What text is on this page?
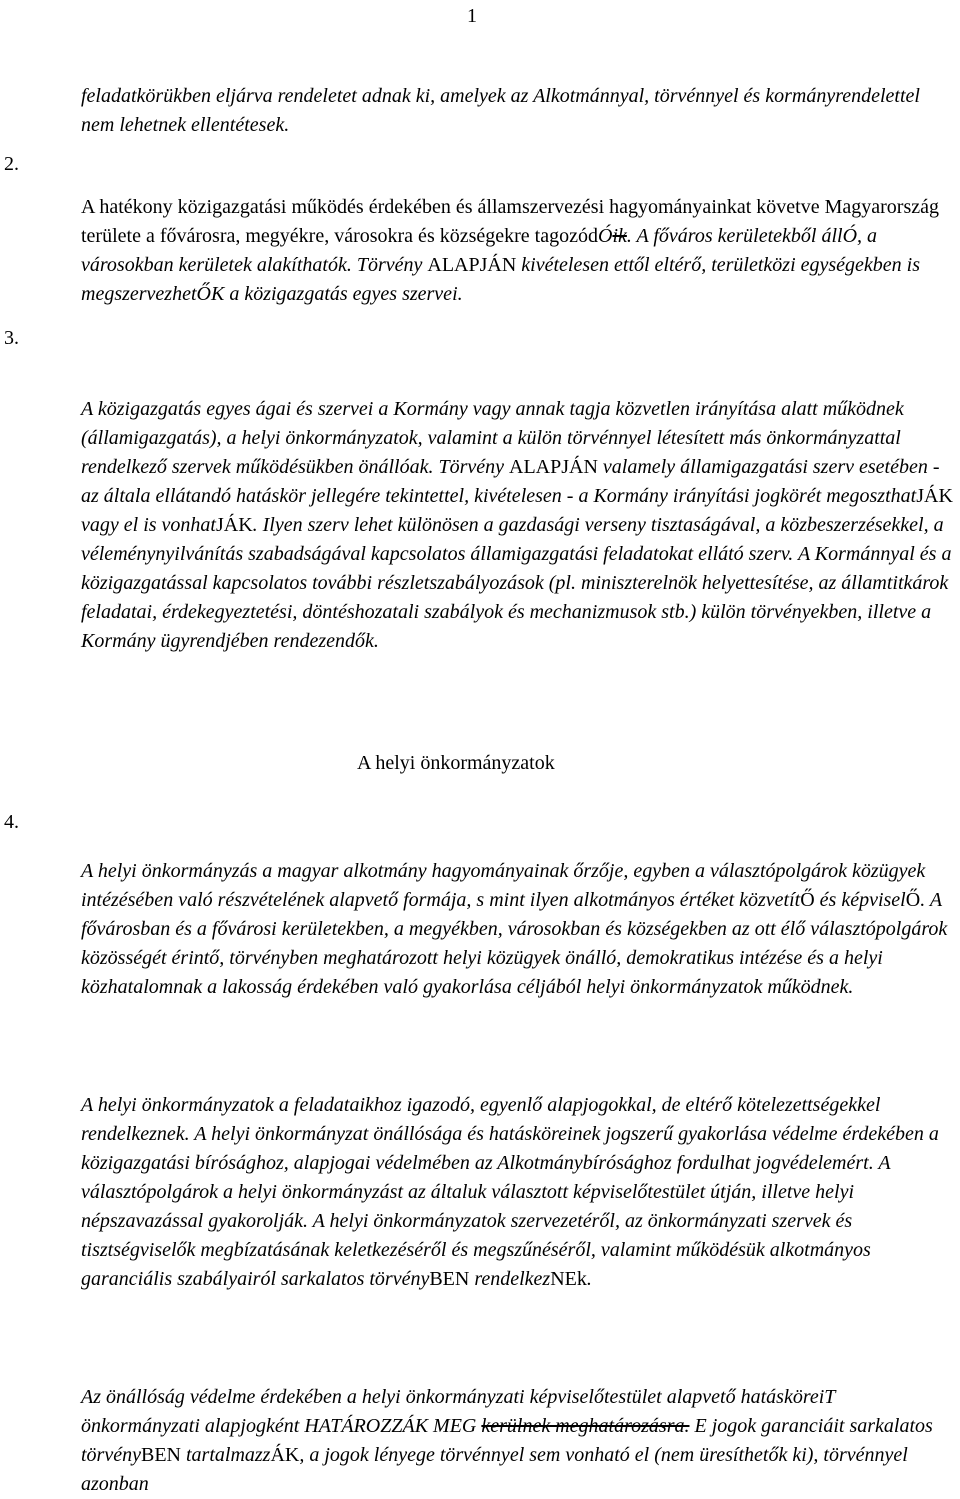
1
2.
3.
4.

feladatkörükben eljárva rendeletet adnak ki, amelyek az Alkotmánnyal, törvénnyel és kormányrendelettel nem lehetnek ellentétesek.

A hatékony közigazgatási működés érdekében és államszervezési hagyományainkat követve Magyarország területe a fővárosra, megyékre, városokra és községekre tagozódÓik. A főváros kerületekből állÓ, a városokban kerületek alakíthatók. Törvény ALAPJÁN kivételesen ettől eltérő, területközi egységekben is megszervezhetŐK a közigazgatás egyes szervei.

A közigazgatás egyes ágai és szervei a Kormány vagy annak tagja közvetlen irányítása alatt működnek (államigazgatás), a helyi önkormányzatok, valamint a külön törvénnyel létesített más önkormányzattal rendelkező szervek működésükben önállóak. Törvény ALAPJÁN valamely államigazgatási szerv esetében - az általa ellátandó hatáskör jellegére tekintettel, kivételesen - a Kormány irányítási jogkörét megoszthatJÁK vagy el is vonhatJÁK. Ilyen szerv lehet különösen a gazdasági verseny tisztaságával, a közbeszerzésekkel, a véleménynyilvánítás szabadságával kapcsolatos államigazgatási feladatokat ellátó szerv. A Kormánnyal és a közigazgatással kapcsolatos további részletszabályozások (pl. miniszterelnök helyettesítése, az államtitkárok feladatai, érdekegyeztetési, döntéshozatali szabályok és mechanizmusok stb.) külön törvényekben, illetve a Kormány ügyrendjében rendezendők.

A helyi önkormányzatok

A helyi önkormányzás a magyar alkotmány hagyományainak őrzője, egyben a választópolgárok közügyek intézésében való részvételének alapvető formája, s mint ilyen alkotmányos értéket közvetítŐ és képviselŐ. A fővárosban és a fővárosi kerületekben, a megyékben, városokban és községekben az ott élő választópolgárok közösségét érintő, törvényben meghatározott helyi közügyek önálló, demokratikus intézése és a helyi közhatalomnak a lakosság érdekében való gyakorlása céljából helyi önkormányzatok működnek.

A helyi önkormányzatok a feladataikhoz igazodó, egyenlő alapjogokkal, de eltérő kötelezettségekkel rendelkeznek. A helyi önkormányzat önállósága és hatásköreinek jogszerű gyakorlása védelme érdekében a közigazgatási bírósághoz, alapjogai védelmében az Alkotmánybírósághoz fordulhat jogvédelemért. A választópolgárok a helyi önkormányzást az általuk választott képviselőtestület útján, illetve helyi népszavazással gyakorolják. A helyi önkormányzatok szervezetéről, az önkormányzati szervek és tisztségviselők megbízatásának keletkezéséről és megszűnéséről, valamint működésük alkotmányos garanciális szabályairól sarkalatos törvényBEN rendelkezNEk.

Az önállóság védelme érdekében a helyi önkormányzati képviselőtestület alapvető hatásköreiT önkormányzati alapjogként HATÁROZZÁK MEG kerülnek meghatározásra. E jogok garanciáit sarkalatos törvényBEN tartalmazzÁK, a jogok lényege törvénnyel sem vonható el (nem üresíthetők ki), törvénnyel azonban
